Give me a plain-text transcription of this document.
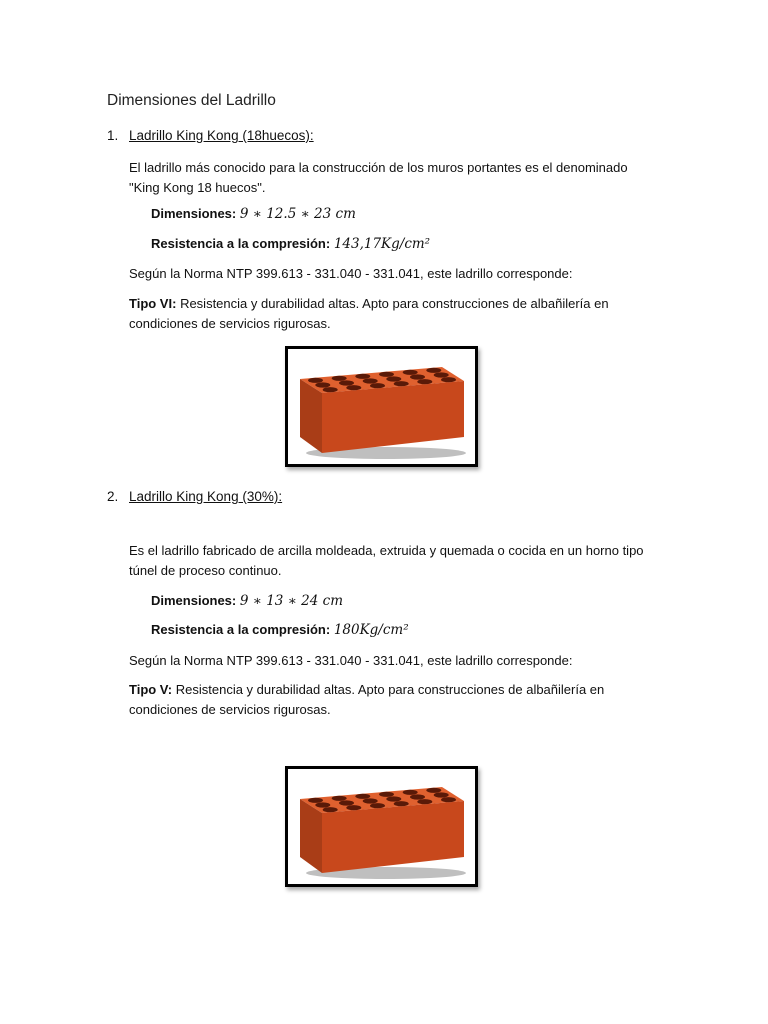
Dimensiones del Ladrillo
1. Ladrillo King Kong (18huecos):
El ladrillo más conocido para la construcción de los muros portantes es el denominado "King Kong 18 huecos".
Dimensiones: 9 ∗ 12.5 ∗ 23 cm
Resistencia a la compresión: 143,17Kg/cm²
Según la Norma NTP 399.613 - 331.040 - 331.041, este ladrillo corresponde:
Tipo VI: Resistencia y durabilidad altas. Apto para construcciones de albañilería en condiciones de servicios rigurosas.
2. Ladrillo King Kong (30%):
Es el ladrillo fabricado de arcilla moldeada, extruida y quemada o cocida en un horno tipo túnel de proceso continuo.
Dimensiones: 9 ∗ 13 ∗ 24 cm
Resistencia a la compresión: 180Kg/cm²
Según la Norma NTP 399.613 - 331.040 - 331.041, este ladrillo corresponde:
Tipo V: Resistencia y durabilidad altas. Apto para construcciones de albañilería en condiciones de servicios rigurosas.
